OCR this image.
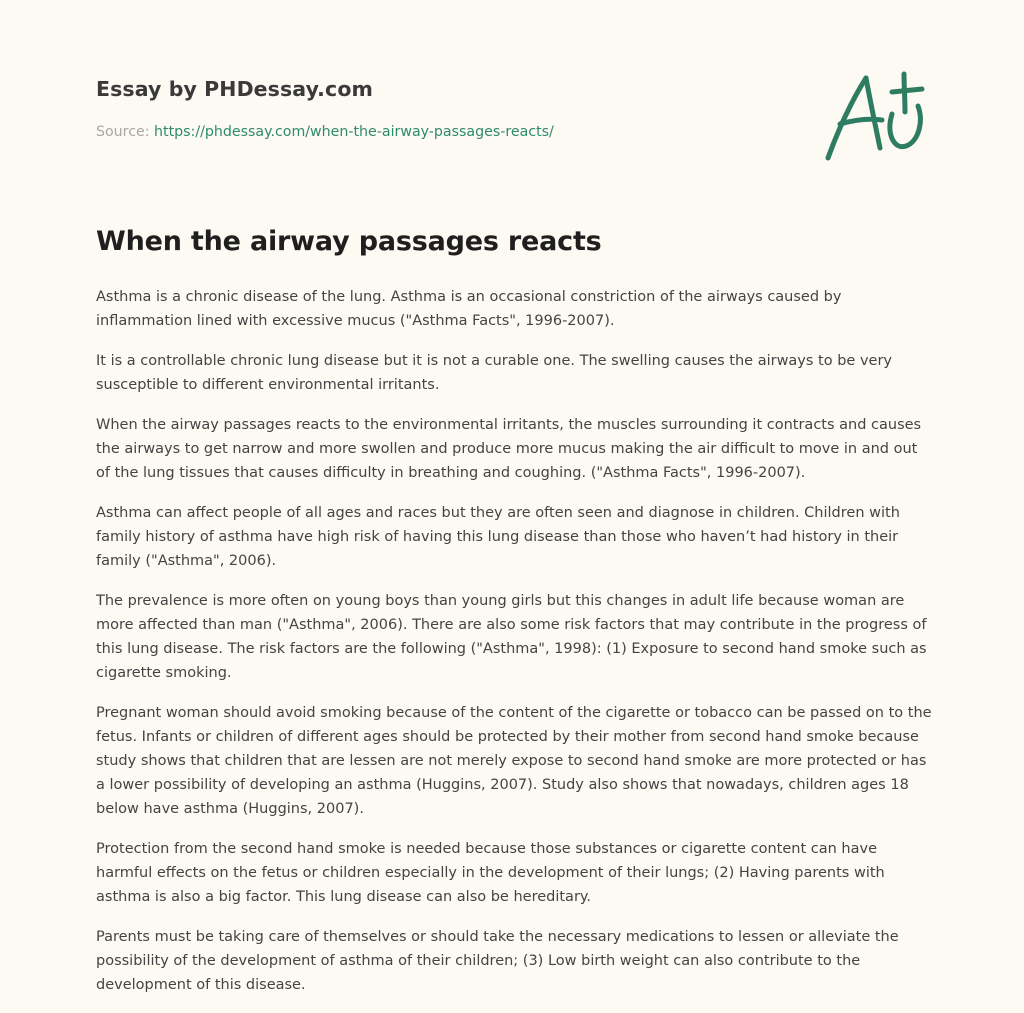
Essay by PHDessay.com
Source: https://phdessay.com/when-the-airway-passages-reacts/
When the airway passages reacts

Asthma is a chronic disease of the lung. Asthma is an occasional constriction of the airways caused by inflammation lined with excessive mucus ("Asthma Facts", 1996-2007).

It is a controllable chronic lung disease but it is not a curable one. The swelling causes the airways to be very susceptible to different environmental irritants.

When the airway passages reacts to the environmental irritants, the muscles surrounding it contracts and causes the airways to get narrow and more swollen and produce more mucus making the air difficult to move in and out of the lung tissues that causes difficulty in breathing and coughing. ("Asthma Facts", 1996-2007).

Asthma can affect people of all ages and races but they are often seen and diagnose in children. Children with family history of asthma have high risk of having this lung disease than those who haven’t had history in their family ("Asthma", 2006).

The prevalence is more often on young boys than young girls but this changes in adult life because woman are more affected than man ("Asthma", 2006). There are also some risk factors that may contribute in the progress of this lung disease. The risk factors are the following ("Asthma", 1998): (1) Exposure to second hand smoke such as cigarette smoking.

Pregnant woman should avoid smoking because of the content of the cigarette or tobacco can be passed on to the fetus. Infants or children of different ages should be protected by their mother from second hand smoke because study shows that children that are lessen are not merely expose to second hand smoke are more protected or has a lower possibility of developing an asthma (Huggins, 2007). Study also shows that nowadays, children ages 18 below have asthma (Huggins, 2007).

Protection from the second hand smoke is needed because those substances or cigarette content can have harmful effects on the fetus or children especially in the development of their lungs; (2) Having parents with asthma is also a big factor. This lung disease can also be hereditary.

Parents must be taking care of themselves or should take the necessary medications to lessen or alleviate the possibility of the development of asthma of their children; (3) Low birth weight can also contribute to the development of this disease.
